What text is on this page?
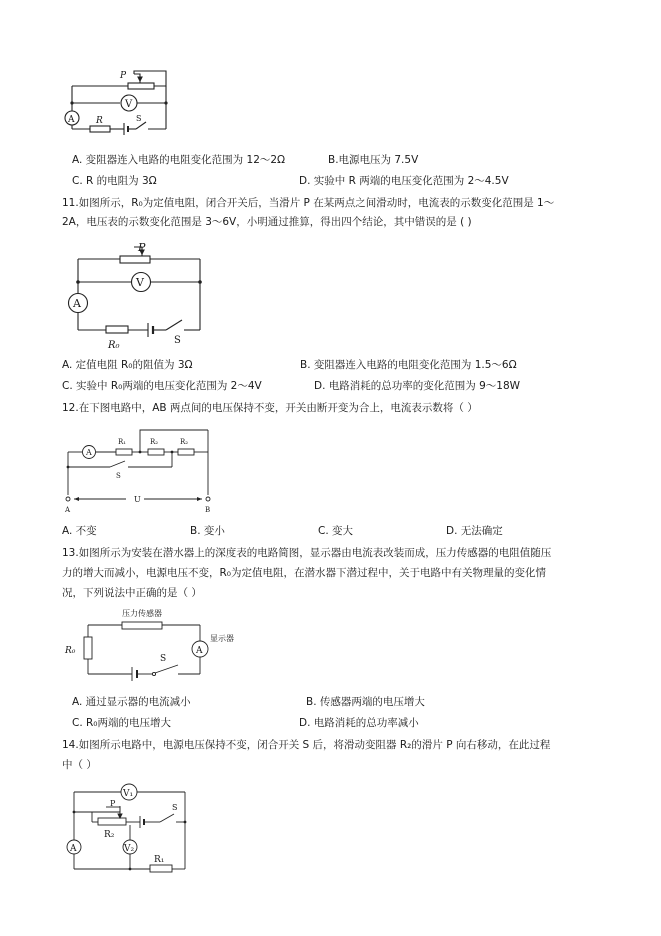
P
V
A R	S
A. 变阻器连入电路的电阻变化范围为 12～2Ω	B.电源电压为 7.5V
C. R 的电阻为 3Ω	D. 实验中 R 两端的电压变化范围为 2～4.5V
11.如图所示，R₀为定值电阻，闭合开关后，当滑片 P 在某两点之间滑动时，电流表的示数变化范围是 1～
2A，电压表的示数变化范围是 3～6V，小明通过推算，得出四个结论，其中错误的是 ( )
P
V
A
R₀	S
A. 定值电阻 R₀的阻值为 3Ω	B. 变阻器连入电路的电阻变化范围为 1.5～6Ω
C. 实验中 R₀两端的电压变化范围为 2～4V	D. 电路消耗的总功率的变化范围为 9～18W
12.在下图电路中，AB 两点间的电压保持不变，开关由断开变为合上，电流表示数将（ ）
A
R₁	R₂	R₂
S
U
A	B
A. 不变	B. 变小	C. 变大	D. 无法确定
13.如图所示为安装在潜水器上的深度表的电路简图，显示器由电流表改装而成，压力传感器的电阻值随压
力的增大而减小，电源电压不变，R₀为定值电阻，在潜水器下潜过程中，关于电路中有关物理量的变化情
况，下列说法中正确的是（ ）
压力传感器
显示器
A
R₀
S
A. 通过显示器的电流减小	B. 传感器两端的电压增大
C. R₀两端的电压增大	D. 电路消耗的总功率减小
14.如图所示电路中，电源电压保持不变，闭合开关 S 后，将滑动变阻器 R₂的滑片 P 向右移动，在此过程
中（ ）
V₁
A	V₂
R₂
P	S
R₁
